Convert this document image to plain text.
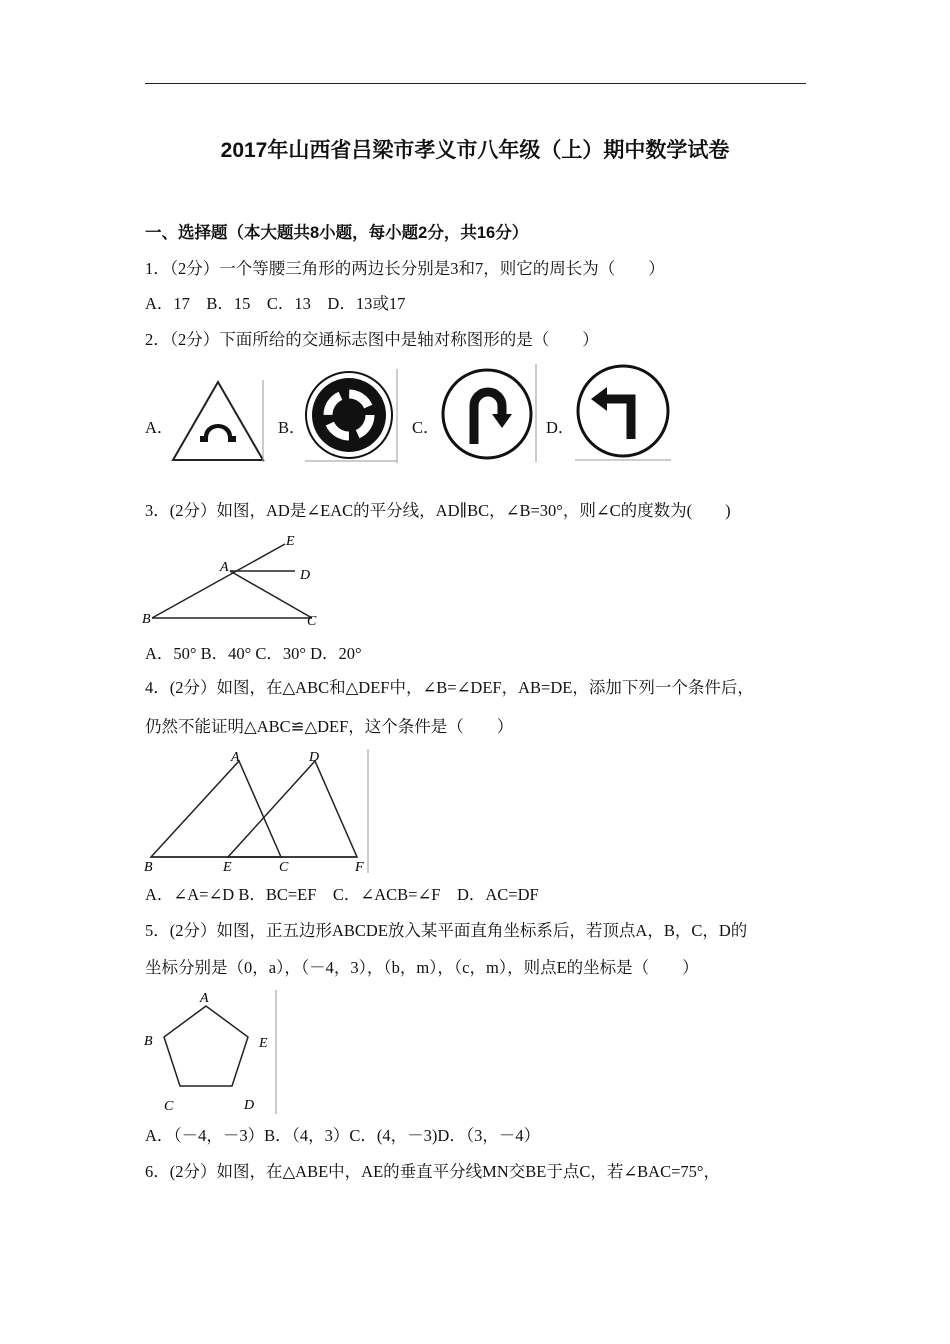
2017年山西省吕梁市孝义市八年级（上）期中数学试卷
一、选择题（本大题共8小题，每小题2分，共16分）
1．（2分）一个等腰三角形的两边长分别是3和7，则它的周长为（　　）
A．17　B．15　C．13　D．13或17
2．（2分）下面所给的交通标志图中是轴对称图形的是（　　）
A．	B．	C．	D．
3．(2分）如图，AD是∠EAC的平分线，AD∥BC，∠B=30°，则∠C的度数为(　　)
E
A
D
B	C
A．50° B．40° C．30° D．20°
4．(2分）如图，在△ABC和△DEF中，∠B=∠DEF，AB=DE，添加下列一个条件后，
仍然不能证明△ABC≌△DEF，这个条件是（　　）
A	D
B	E	C	F
A．∠A=∠D B．BC=EF　C．∠ACB=∠F　D．AC=DF
5．(2分）如图，正五边形ABCDE放入某平面直角坐标系后，若顶点A，B，C，D的
坐标分别是（0，a），（－4，3），（b，m），（c，m），则点E的坐标是（　　）
A
B	E
C	D
A．（－4，－3）B．（4，3）C．(4，－3)D．（3，－4）
6．(2分）如图，在△ABE中，AE的垂直平分线MN交BE于点C，若∠BAC=75°，
